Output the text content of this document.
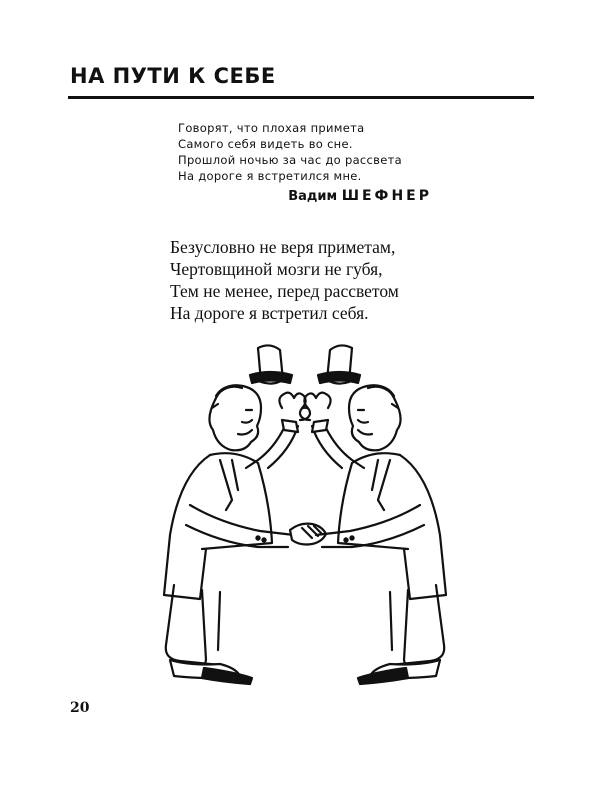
НА ПУТИ К СЕБЕ
Говорят, что плохая примета
Самого себя видеть во сне.
Прошлой ночью за час до рассвета
На дороге я встретился мне.
Вадим ШЕФНЕР
Безусловно не веря приметам,
Чертовщиной мозги не губя,
Тем не менее, перед рассветом
На дороге я встретил себя.
20
